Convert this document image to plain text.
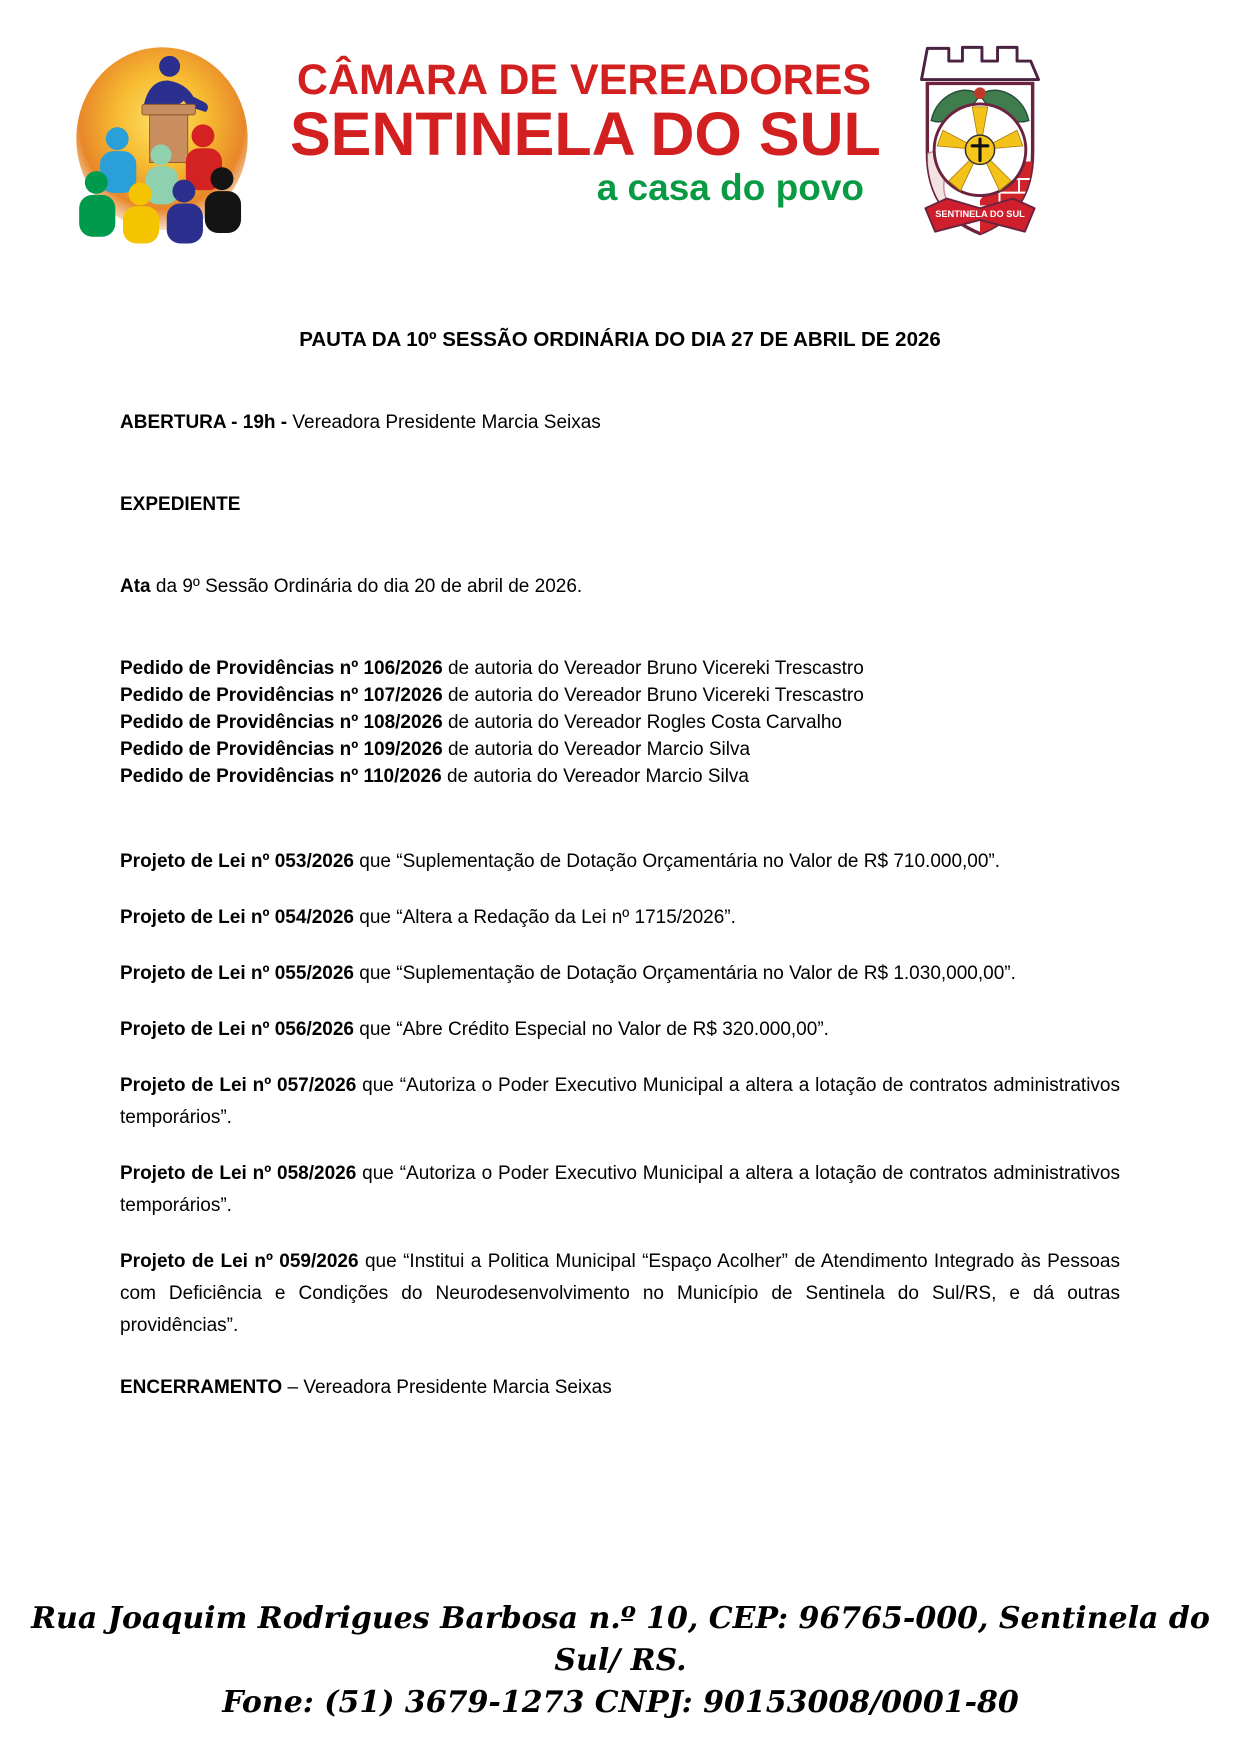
CÂMARA DE VEREADORES
SENTINELA DO SUL
a casa do povo
SENTINELA DO SUL
PAUTA DA 10º SESSÃO ORDINÁRIA DO DIA 27 DE ABRIL DE 2026
ABERTURA - 19h - Vereadora Presidente Marcia Seixas
EXPEDIENTE
Ata da 9º Sessão Ordinária do dia 20 de abril de 2026.
Pedido de Providências nº 106/2026 de autoria do Vereador Bruno Vicereki Trescastro
Pedido de Providências nº 107/2026 de autoria do Vereador Bruno Vicereki Trescastro
Pedido de Providências nº 108/2026 de autoria do Vereador Rogles Costa Carvalho
Pedido de Providências nº 109/2026 de autoria do Vereador Marcio Silva
Pedido de Providências nº 110/2026 de autoria do Vereador Marcio Silva
Projeto de Lei nº 053/2026 que “Suplementação de Dotação Orçamentária no Valor de R$ 710.000,00”.
Projeto de Lei nº 054/2026 que “Altera a Redação da Lei nº 1715/2026”.
Projeto de Lei nº 055/2026 que “Suplementação de Dotação Orçamentária no Valor de R$ 1.030,000,00”.
Projeto de Lei nº 056/2026 que “Abre Crédito Especial no Valor de R$ 320.000,00”.
Projeto de Lei nº 057/2026 que “Autoriza o Poder Executivo Municipal a altera a lotação de contratos administrativos temporários”.
Projeto de Lei nº 058/2026 que “Autoriza o Poder Executivo Municipal a altera a lotação de contratos administrativos temporários”.
Projeto de Lei nº 059/2026 que “Institui a Politica Municipal “Espaço Acolher” de Atendimento Integrado às Pessoas com Deficiência e Condições do Neurodesenvolvimento no Município de Sentinela do Sul/RS, e dá outras providências”.
ENCERRAMENTO – Vereadora Presidente Marcia Seixas
Rua Joaquim Rodrigues Barbosa n.º 10, CEP: 96765-000, Sentinela do Sul/ RS.
Fone: (51) 3679-1273 CNPJ: 90153008/0001-80
